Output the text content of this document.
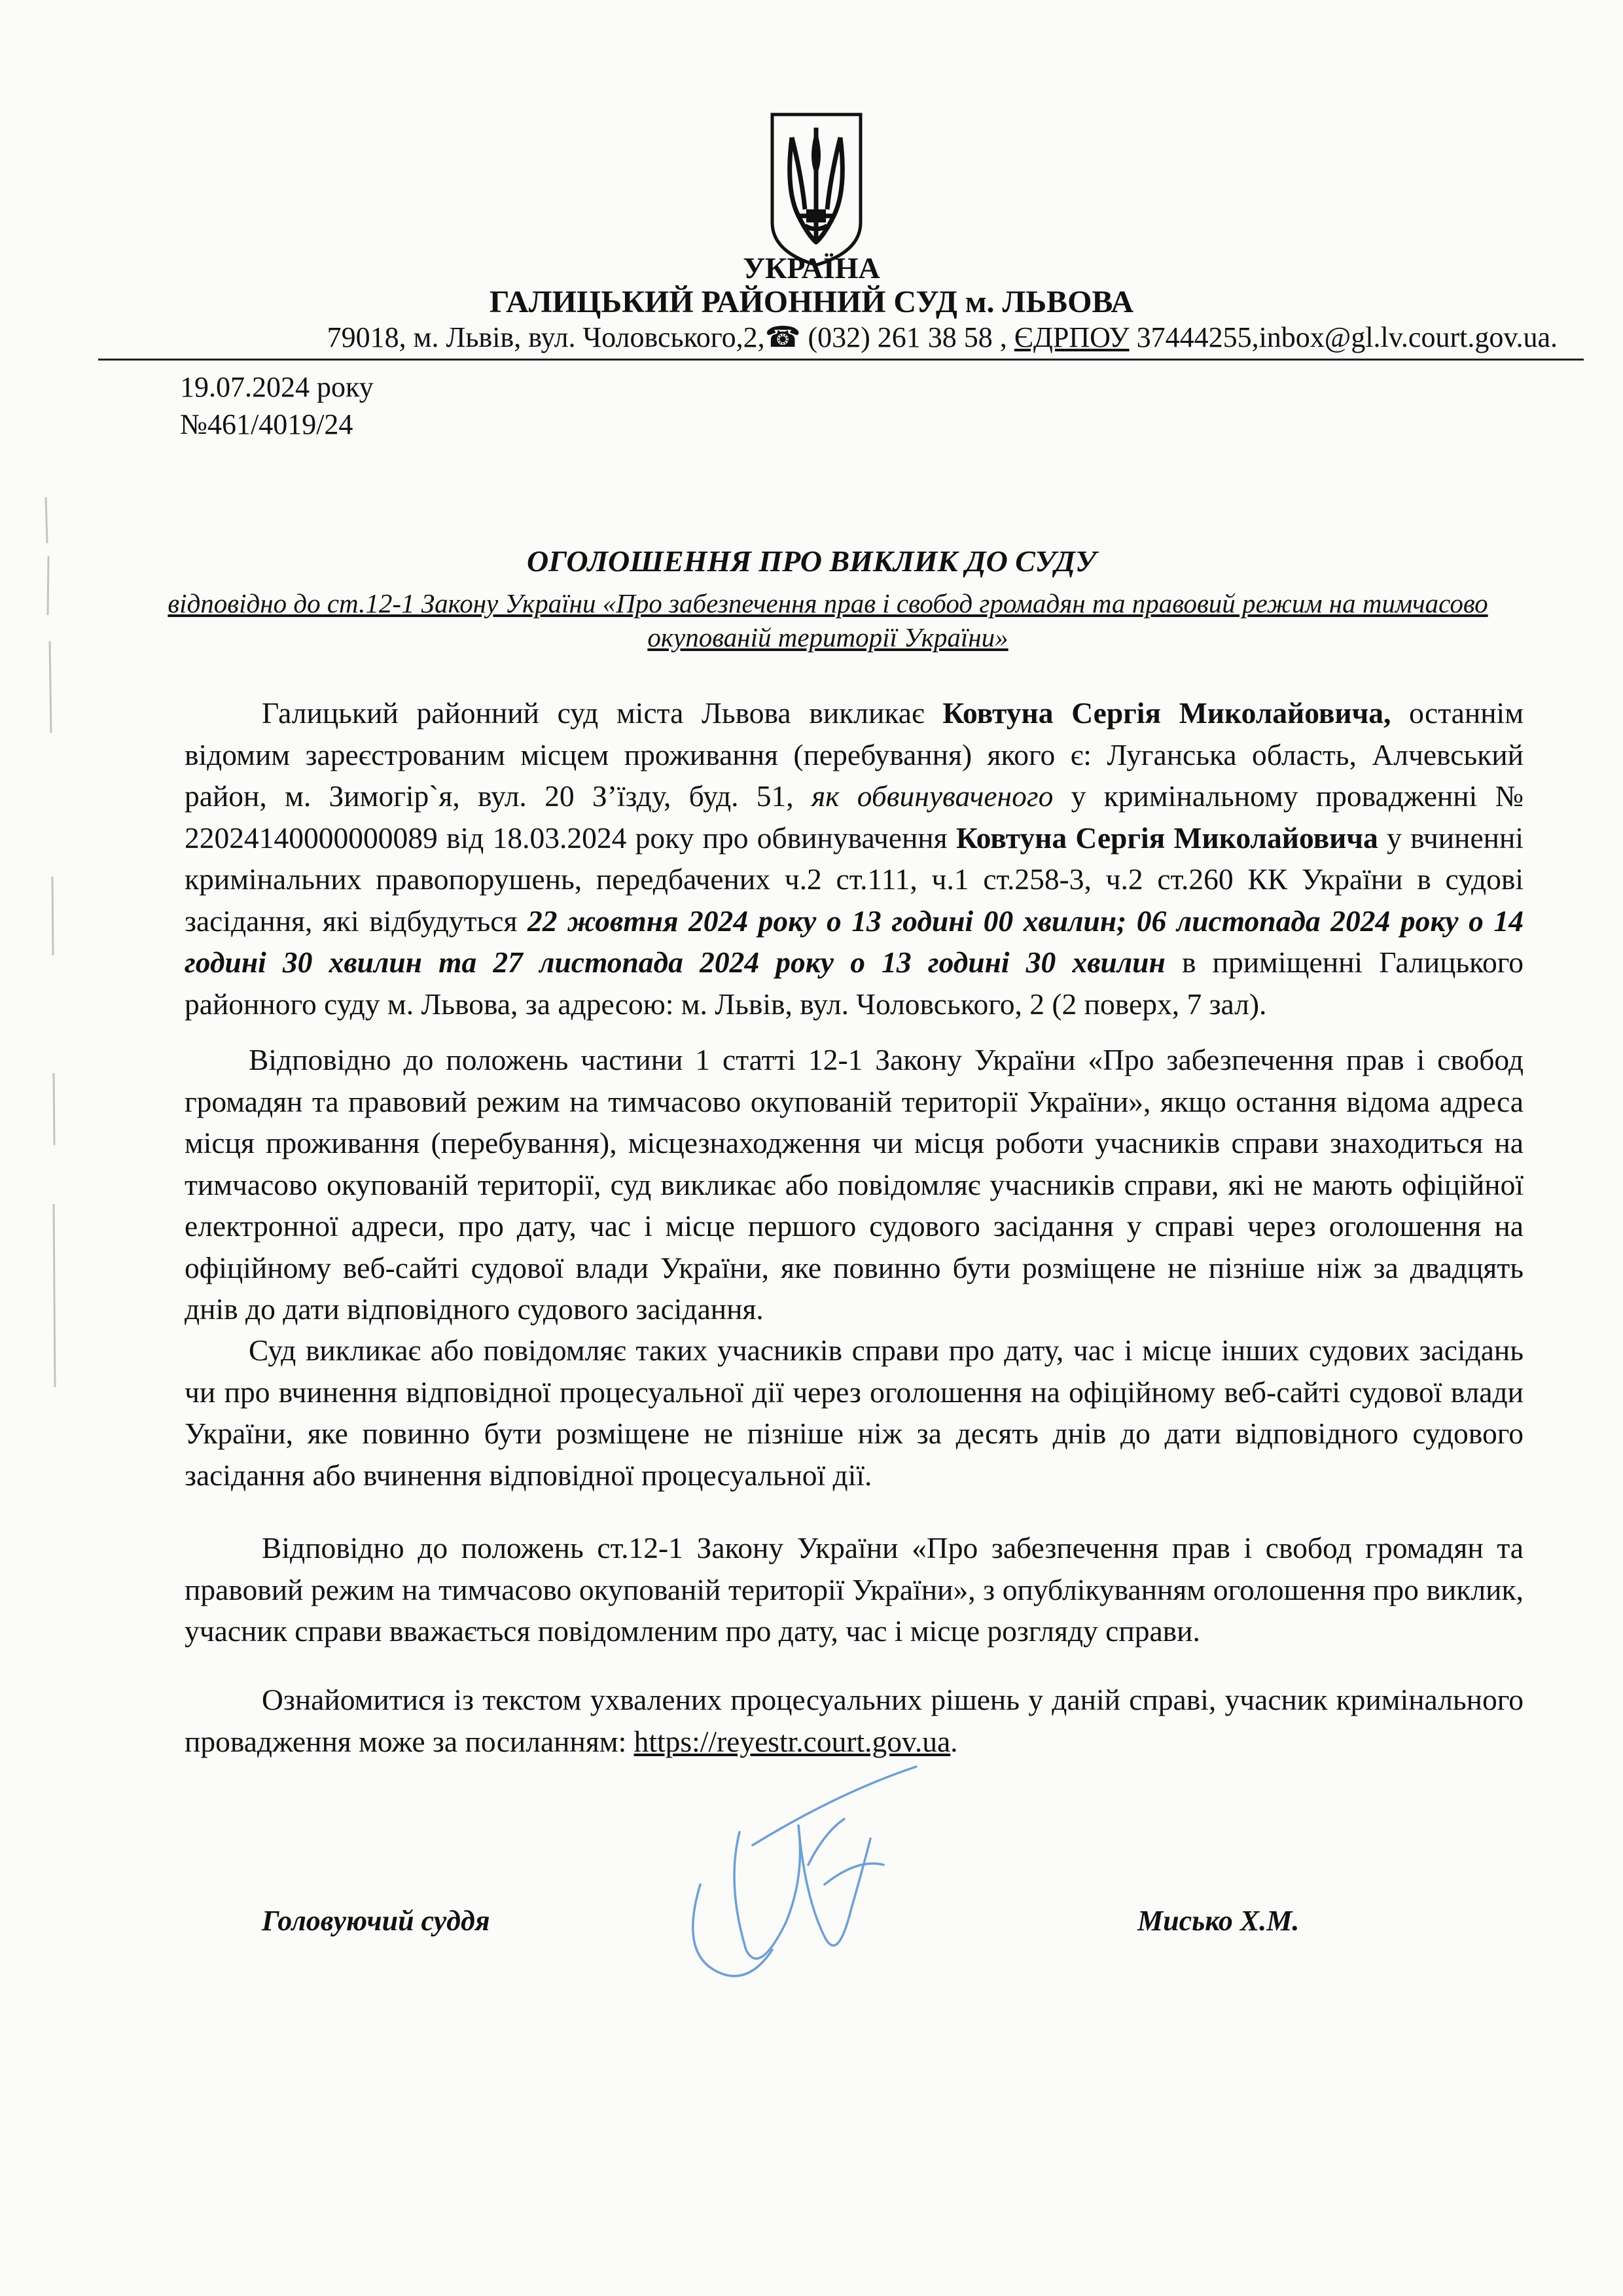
УКРАЇНА
ГАЛИЦЬКИЙ РАЙОННИЙ СУД м. ЛЬВОВА
79018, м. Львів, вул. Чоловського,2,☎ (032) 261 38 58 , ЄДРПОУ 37444255,inbox@gl.lv.court.gov.ua.
19.07.2024 року
№461/4019/24
ОГОЛОШЕННЯ ПРО ВИКЛИК ДО СУДУ
відповідно до ст.12-1 Закону України «Про забезпечення прав і свобод громадян та правовий режим на тимчасово окупованій території України»
Галицький районний суд міста Львова викликає Ковтуна Сергія Миколайовича, останнім відомим зареєстрованим місцем проживання (перебування) якого є: Луганська область, Алчевський район, м. Зимогір`я, вул. 20 З’їзду, буд. 51, як обвинуваченого у кримінальному провадженні № 22024140000000089 від 18.03.2024 року про обвинувачення Ковтуна Сергія Миколайовича у вчиненні кримінальних правопорушень, передбачених ч.2 ст.111, ч.1 ст.258-3, ч.2 ст.260 КК України в судові засідання, які відбудуться 22 жовтня 2024 року о 13 годині 00 хвилин; 06 листопада 2024 року о 14 годині 30 хвилин та 27 листопада 2024 року о 13 годині 30 хвилин в приміщенні Галицького районного суду м. Львова, за адресою: м. Львів, вул. Чоловського, 2 (2 поверх, 7 зал).
Відповідно до положень частини 1 статті 12-1 Закону України «Про забезпечення прав і свобод громадян та правовий режим на тимчасово окупованій території України», якщо остання відома адреса місця проживання (перебування), місцезнаходження чи місця роботи учасників справи знаходиться на тимчасово окупованій території, суд викликає або повідомляє учасників справи, які не мають офіційної електронної адреси, про дату, час і місце першого судового засідання у справі через оголошення на офіційному веб-сайті судової влади України, яке повинно бути розміщене не пізніше ніж за двадцять днів до дати відповідного судового засідання.
Суд викликає або повідомляє таких учасників справи про дату, час і місце інших судових засідань чи про вчинення відповідної процесуальної дії через оголошення на офіційному веб-сайті судової влади України, яке повинно бути розміщене не пізніше ніж за десять днів до дати відповідного судового засідання або вчинення відповідної процесуальної дії.
Відповідно до положень ст.12-1 Закону України «Про забезпечення прав і свобод громадян та правовий режим на тимчасово окупованій території України», з опублікуванням оголошення про виклик, учасник справи вважається повідомленим про дату, час і місце розгляду справи.
Ознайомитися із текстом ухвалених процесуальних рішень у даній справі, учасник кримінального провадження може за посиланням: https://reyestr.court.gov.ua.
Головуючий суддя	Мисько Х.М.
